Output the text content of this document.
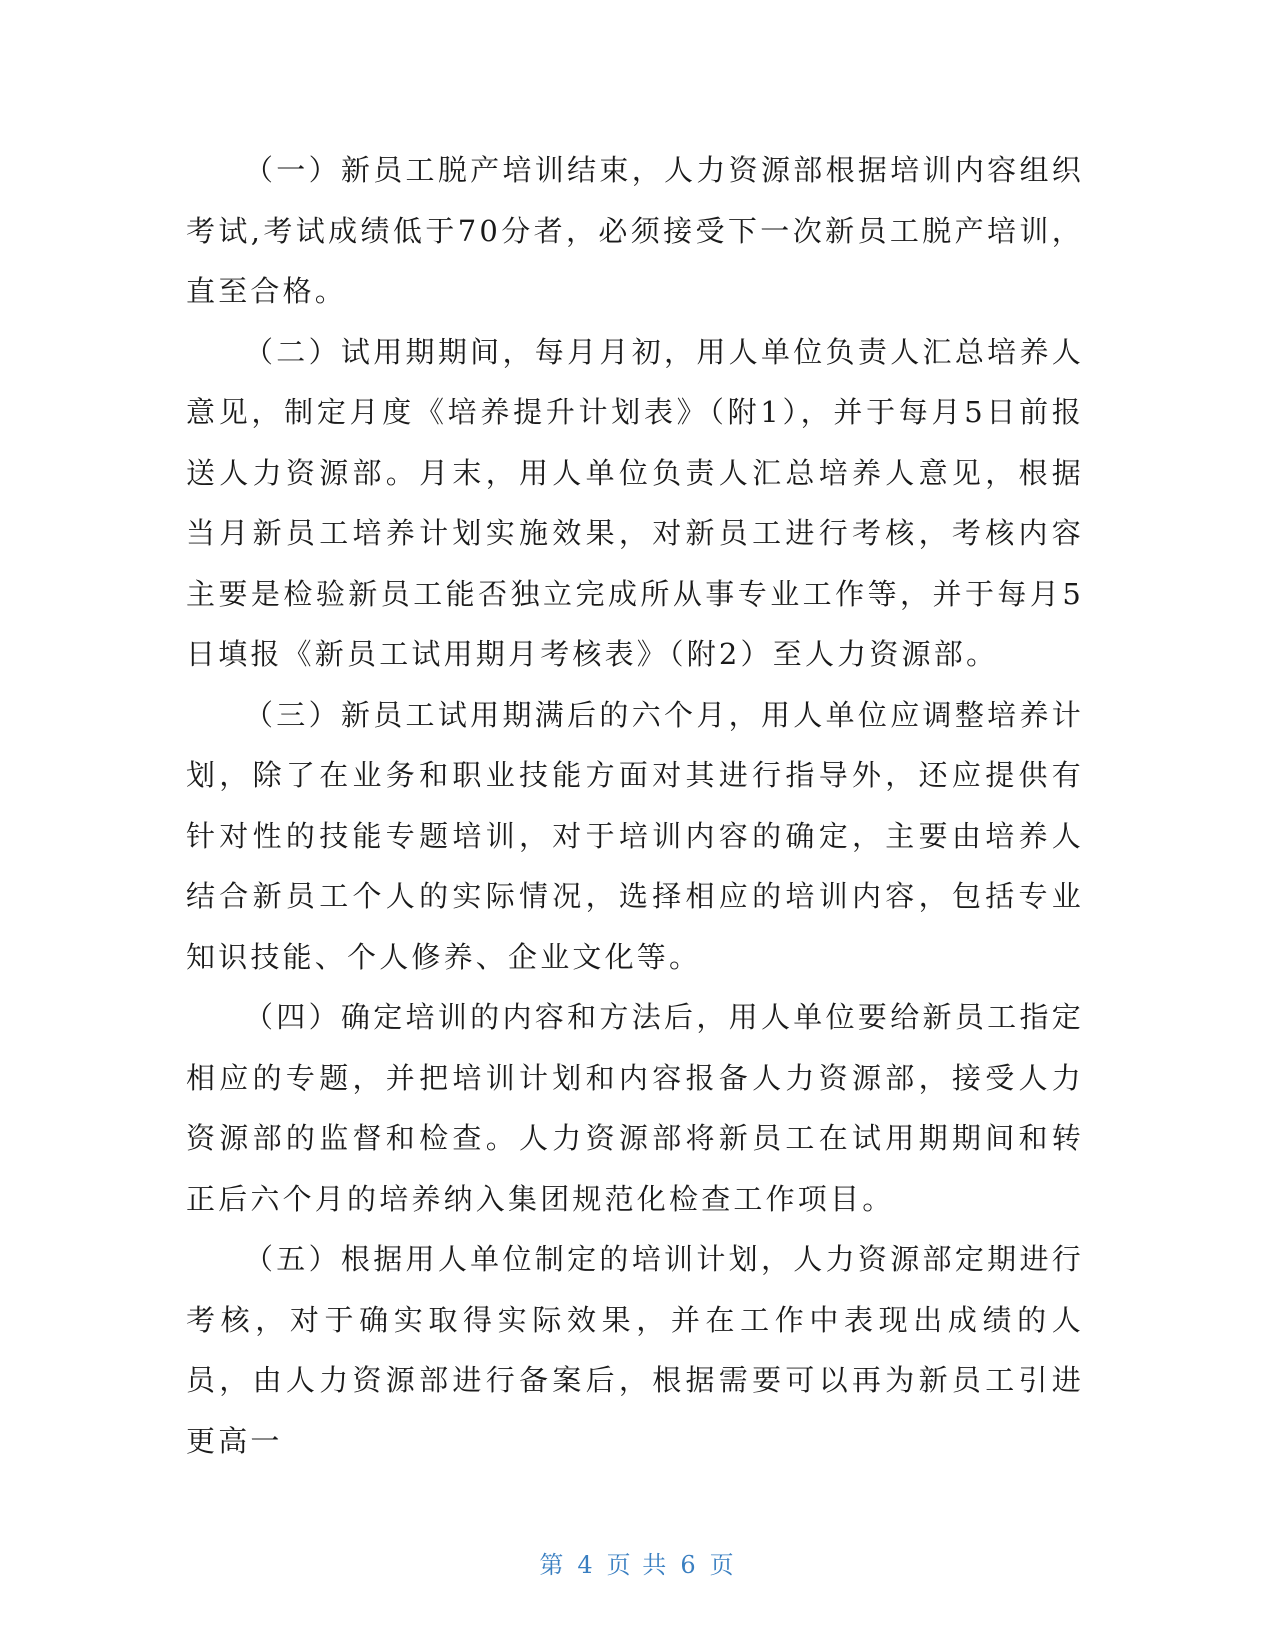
（一）新员工脱产培训结束，人力资源部根据培训内容组织考试,考试成绩低于70分者，必须接受下一次新员工脱产培训，直至合格。

（二）试用期期间，每月月初，用人单位负责人汇总培养人意见，制定月度《培养提升计划表》（附1），并于每月5日前报送人力资源部。月末，用人单位负责人汇总培养人意见，根据当月新员工培养计划实施效果，对新员工进行考核，考核内容主要是检验新员工能否独立完成所从事专业工作等，并于每月5日填报《新员工试用期月考核表》（附2）至人力资源部。

（三）新员工试用期满后的六个月，用人单位应调整培养计划，除了在业务和职业技能方面对其进行指导外，还应提供有针对性的技能专题培训，对于培训内容的确定，主要由培养人结合新员工个人的实际情况，选择相应的培训内容，包括专业知识技能、个人修养、企业文化等。

（四）确定培训的内容和方法后，用人单位要给新员工指定相应的专题，并把培训计划和内容报备人力资源部，接受人力资源部的监督和检查。人力资源部将新员工在试用期期间和转正后六个月的培养纳入集团规范化检查工作项目。

（五）根据用人单位制定的培训计划，人力资源部定期进行考核，对于确实取得实际效果，并在工作中表现出成绩的人员，由人力资源部进行备案后，根据需要可以再为新员工引进更高一

第 4 页 共 6 页
